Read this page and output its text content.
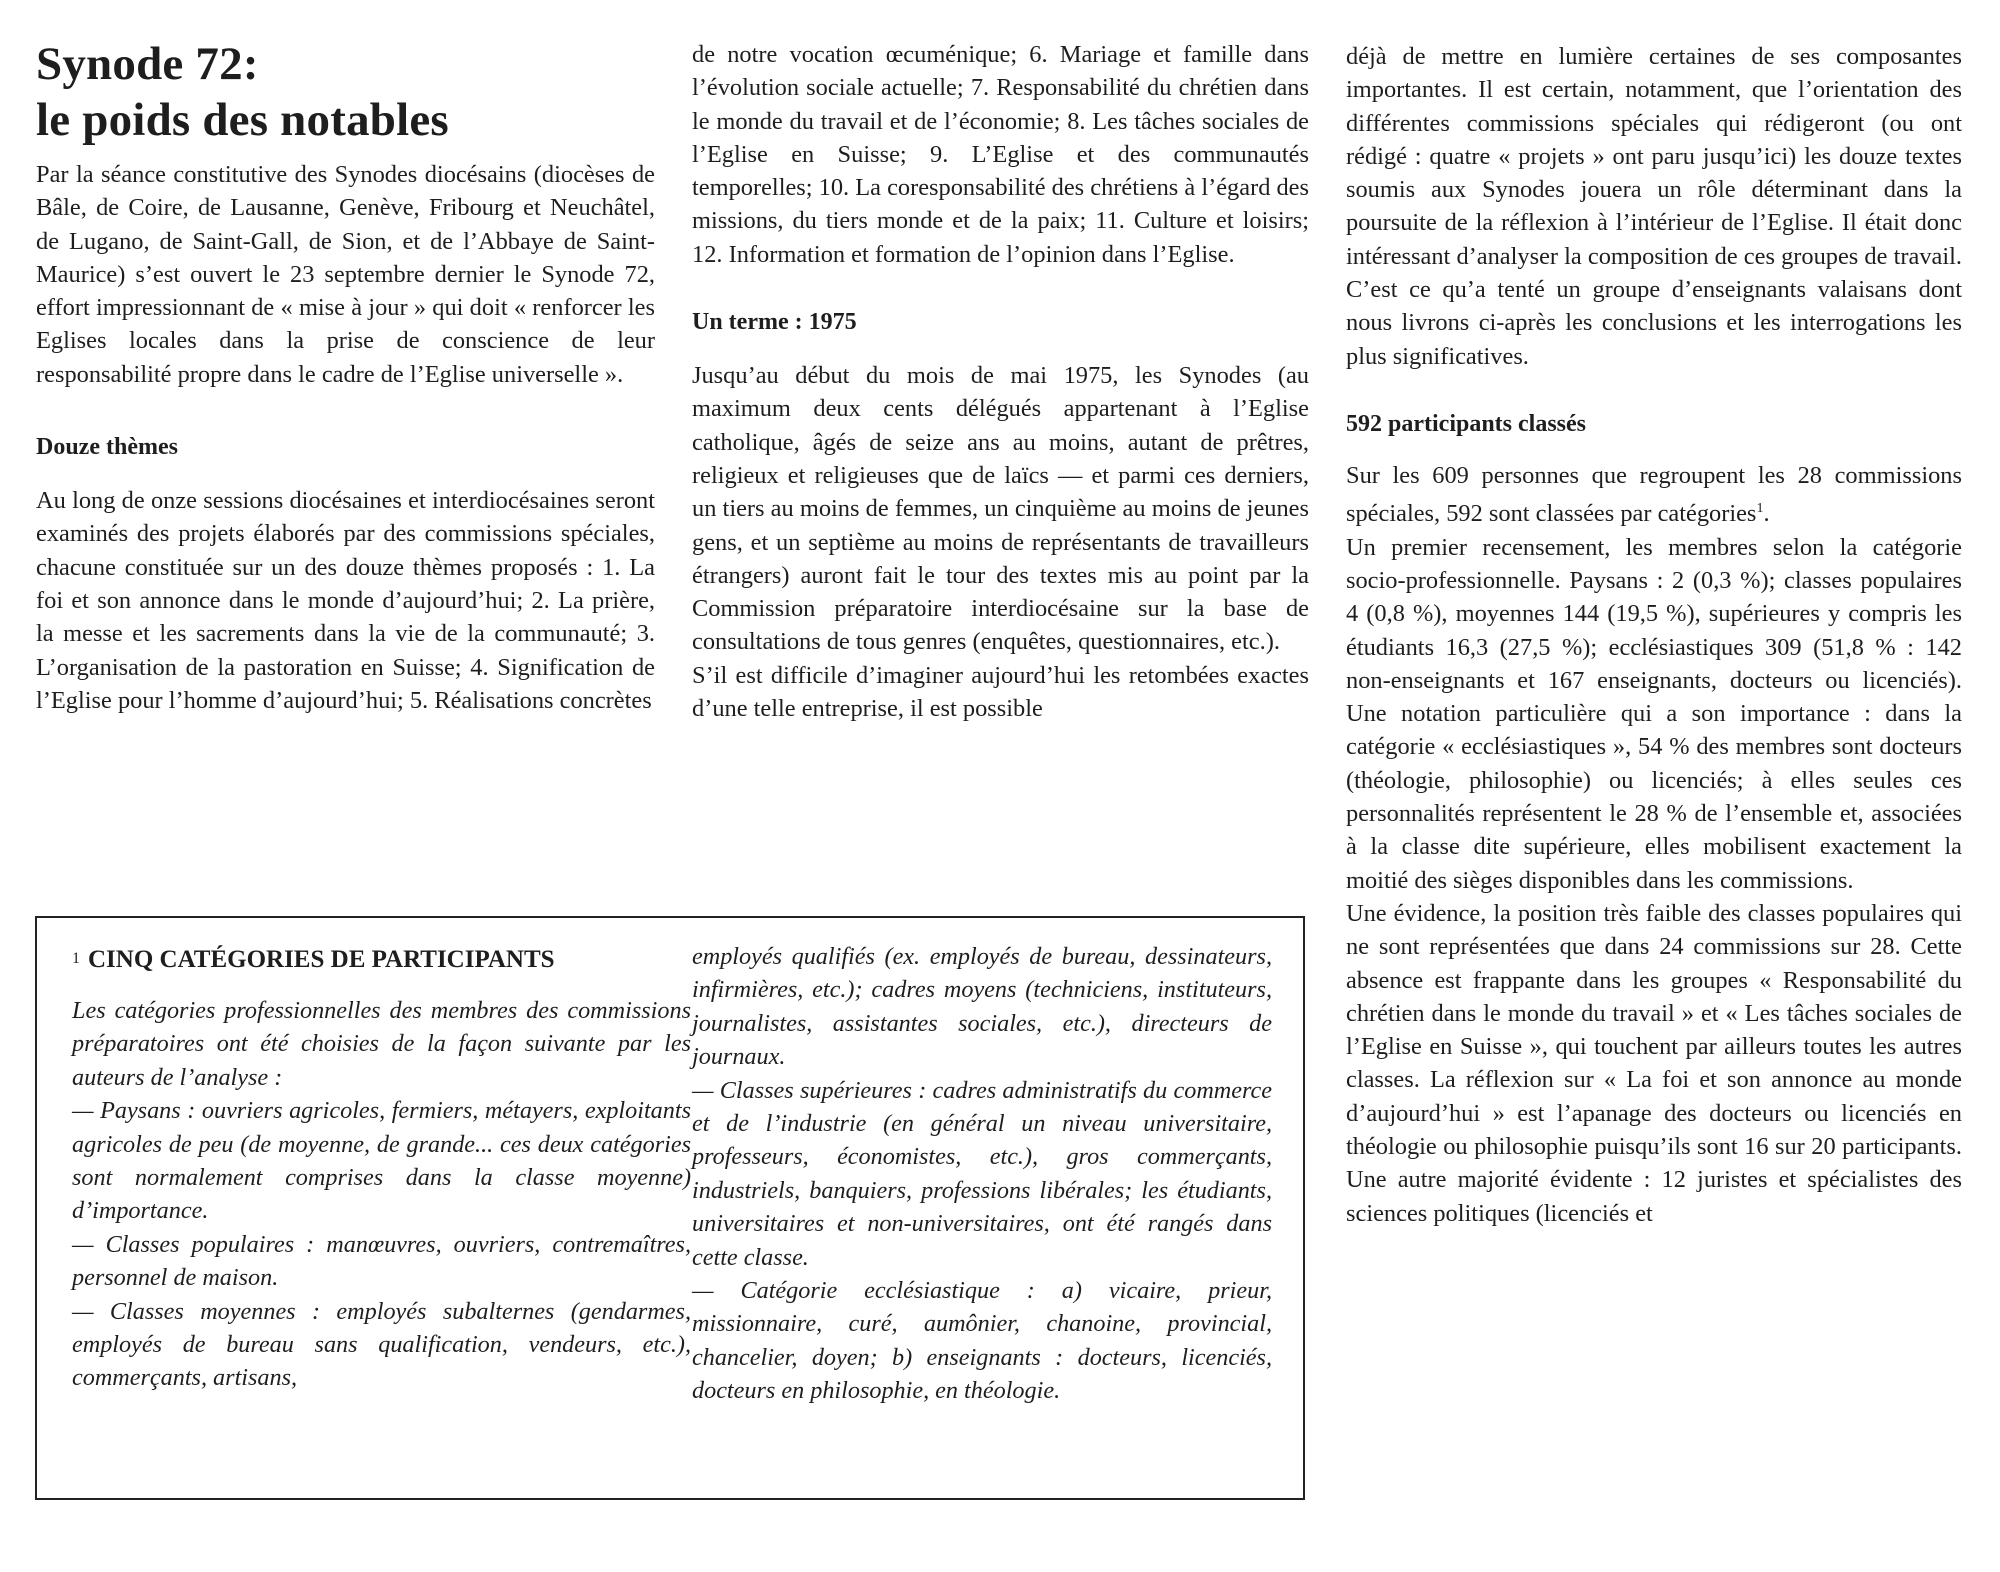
Synode 72:
le poids des notables

Par la séance constitutive des Synodes diocésains (diocèses de Bâle, de Coire, de Lausanne, Genève, Fribourg et Neuchâtel, de Lugano, de Saint-Gall, de Sion, et de l’Abbaye de Saint-Maurice) s’est ouvert le 23 septembre dernier le Synode 72, effort impressionnant de « mise à jour » qui doit « renforcer les Eglises locales dans la prise de conscience de leur responsabilité propre dans le cadre de l’Eglise universelle ».

Douze thèmes

Au long de onze sessions diocésaines et interdiocésaines seront examinés des projets élaborés par des commissions spéciales, chacune constituée sur un des douze thèmes proposés : 1. La foi et son annonce dans le monde d’aujourd’hui; 2. La prière, la messe et les sacrements dans la vie de la communauté; 3. L’organisation de la pastoration en Suisse; 4. Signification de l’Eglise pour l’homme d’aujourd’hui; 5. Réalisations concrètes

de notre vocation œcuménique; 6. Mariage et famille dans l’évolution sociale actuelle; 7. Responsabilité du chrétien dans le monde du travail et de l’économie; 8. Les tâches sociales de l’Eglise en Suisse; 9. L’Eglise et des communautés temporelles; 10. La coresponsabilité des chrétiens à l’égard des missions, du tiers monde et de la paix; 11. Culture et loisirs; 12. Information et formation de l’opinion dans l’Eglise.

Un terme : 1975

Jusqu’au début du mois de mai 1975, les Synodes (au maximum deux cents délégués appartenant à l’Eglise catholique, âgés de seize ans au moins, autant de prêtres, religieux et religieuses que de laïcs — et parmi ces derniers, un tiers au moins de femmes, un cinquième au moins de jeunes gens, et un septième au moins de représentants de travailleurs étrangers) auront fait le tour des textes mis au point par la Commission préparatoire interdiocésaine sur la base de consultations de tous genres (enquêtes, questionnaires, etc.).

S’il est difficile d’imaginer aujourd’hui les retombées exactes d’une telle entreprise, il est possible

déjà de mettre en lumière certaines de ses composantes importantes. Il est certain, notamment, que l’orientation des différentes commissions spéciales qui rédigeront (ou ont rédigé : quatre « projets » ont paru jusqu’ici) les douze textes soumis aux Synodes jouera un rôle déterminant dans la poursuite de la réflexion à l’intérieur de l’Eglise. Il était donc intéressant d’analyser la composition de ces groupes de travail. C’est ce qu’a tenté un groupe d’enseignants valaisans dont nous livrons ci-après les conclusions et les interrogations les plus significatives.

592 participants classés

Sur les 609 personnes que regroupent les 28 commissions spéciales, 592 sont classées par catégories$^1$.

Un premier recensement, les membres selon la catégorie socio-professionnelle. Paysans : 2 (0,3 %); classes populaires 4 (0,8 %), moyennes 144 (19,5 %), supérieures y compris les étudiants 16,3 (27,5 %); ecclésiastiques 309 (51,8 % : 142 non-enseignants et 167 enseignants, docteurs ou licenciés). Une notation particulière qui a son importance : dans la catégorie « ecclésiastiques », 54 % des membres sont docteurs (théologie, philosophie) ou licenciés; à elles seules ces personnalités représentent le 28 % de l’ensemble et, associées à la classe dite supérieure, elles mobilisent exactement la moitié des sièges disponibles dans les commissions.

Une évidence, la position très faible des classes populaires qui ne sont représentées que dans 24 commissions sur 28. Cette absence est frappante dans les groupes « Responsabilité du chrétien dans le monde du travail » et « Les tâches sociales de l’Eglise en Suisse », qui touchent par ailleurs toutes les autres classes. La réflexion sur « La foi et son annonce au monde d’aujourd’hui » est l’apanage des docteurs ou licenciés en théologie ou philosophie puisqu’ils sont 16 sur 20 participants. Une autre majorité évidente : 12 juristes et spécialistes des sciences politiques (licenciés et

$^1$ CINQ CATÉGORIES DE PARTICIPANTS

Les catégories professionnelles des membres des commissions préparatoires ont été choisies de la façon suivante par les auteurs de l’analyse :

— Paysans : ouvriers agricoles, fermiers, métayers, exploitants agricoles de peu (de moyenne, de grande... ces deux catégories sont normalement comprises dans la classe moyenne) d’importance.

— Classes populaires : manœuvres, ouvriers, contremaîtres, personnel de maison.

— Classes moyennes : employés subalternes (gendarmes, employés de bureau sans qualification, vendeurs, etc.), commerçants, artisans,

employés qualifiés (ex. employés de bureau, dessinateurs, infirmières, etc.); cadres moyens (techniciens, instituteurs, journalistes, assistantes sociales, etc.), directeurs de journaux.

— Classes supérieures : cadres administratifs du commerce et de l’industrie (en général un niveau universitaire, professeurs, économistes, etc.), gros commerçants, industriels, banquiers, professions libérales; les étudiants, universitaires et non-universitaires, ont été rangés dans cette classe.

— Catégorie ecclésiastique : a) vicaire, prieur, missionnaire, curé, aumônier, chanoine, provincial, chancelier, doyen; b) enseignants : docteurs, licenciés, docteurs en philosophie, en théologie.
